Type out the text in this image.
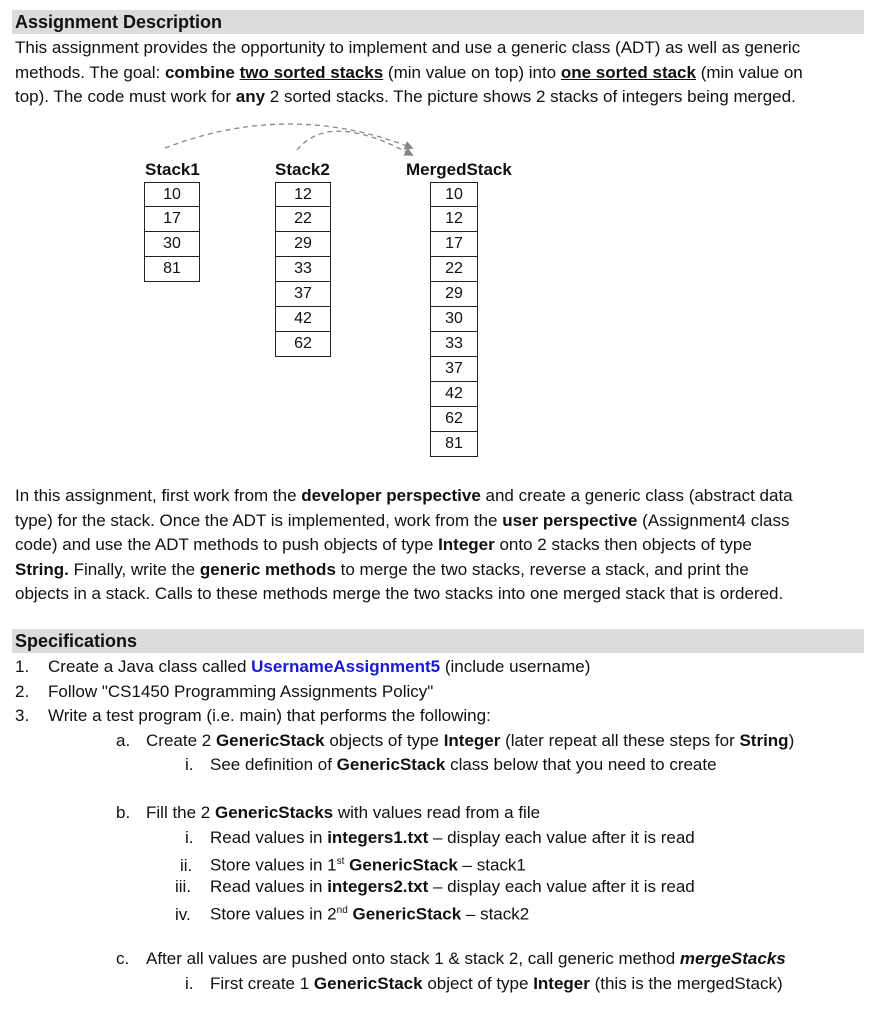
Assignment Description
This assignment provides the opportunity to implement and use a generic class (ADT) as well as generic
methods. The goal: combine two sorted stacks (min value on top) into one sorted stack (min value on
top). The code must work for any 2 sorted stacks. The picture shows 2 stacks of integers being merged.
Stack1
10
17
30
81
Stack2
12
22
29
33
37
42
62
MergedStack
10
12
17
22
29
30
33
37
42
62
81
In this assignment, first work from the developer perspective and create a generic class (abstract data
type) for the stack. Once the ADT is implemented, work from the user perspective (Assignment4 class
code) and use the ADT methods to push objects of type Integer onto 2 stacks then objects of type
String. Finally, write the generic methods to merge the two stacks, reverse a stack, and print the
objects in a stack. Calls to these methods merge the two stacks into one merged stack that is ordered.
Specifications
1. Create a Java class called UsernameAssignment5 (include username)
2. Follow "CS1450 Programming Assignments Policy"
3. Write a test program (i.e. main) that performs the following:
a. Create 2 GenericStack objects of type Integer (later repeat all these steps for String)
i. See definition of GenericStack class below that you need to create
b. Fill the 2 GenericStacks with values read from a file
i. Read values in integers1.txt – display each value after it is read
ii. Store values in 1st GenericStack – stack1
iii. Read values in integers2.txt – display each value after it is read
iv. Store values in 2nd GenericStack – stack2
c. After all values are pushed onto stack 1 & stack 2, call generic method mergeStacks
i. First create 1 GenericStack object of type Integer (this is the mergedStack)
